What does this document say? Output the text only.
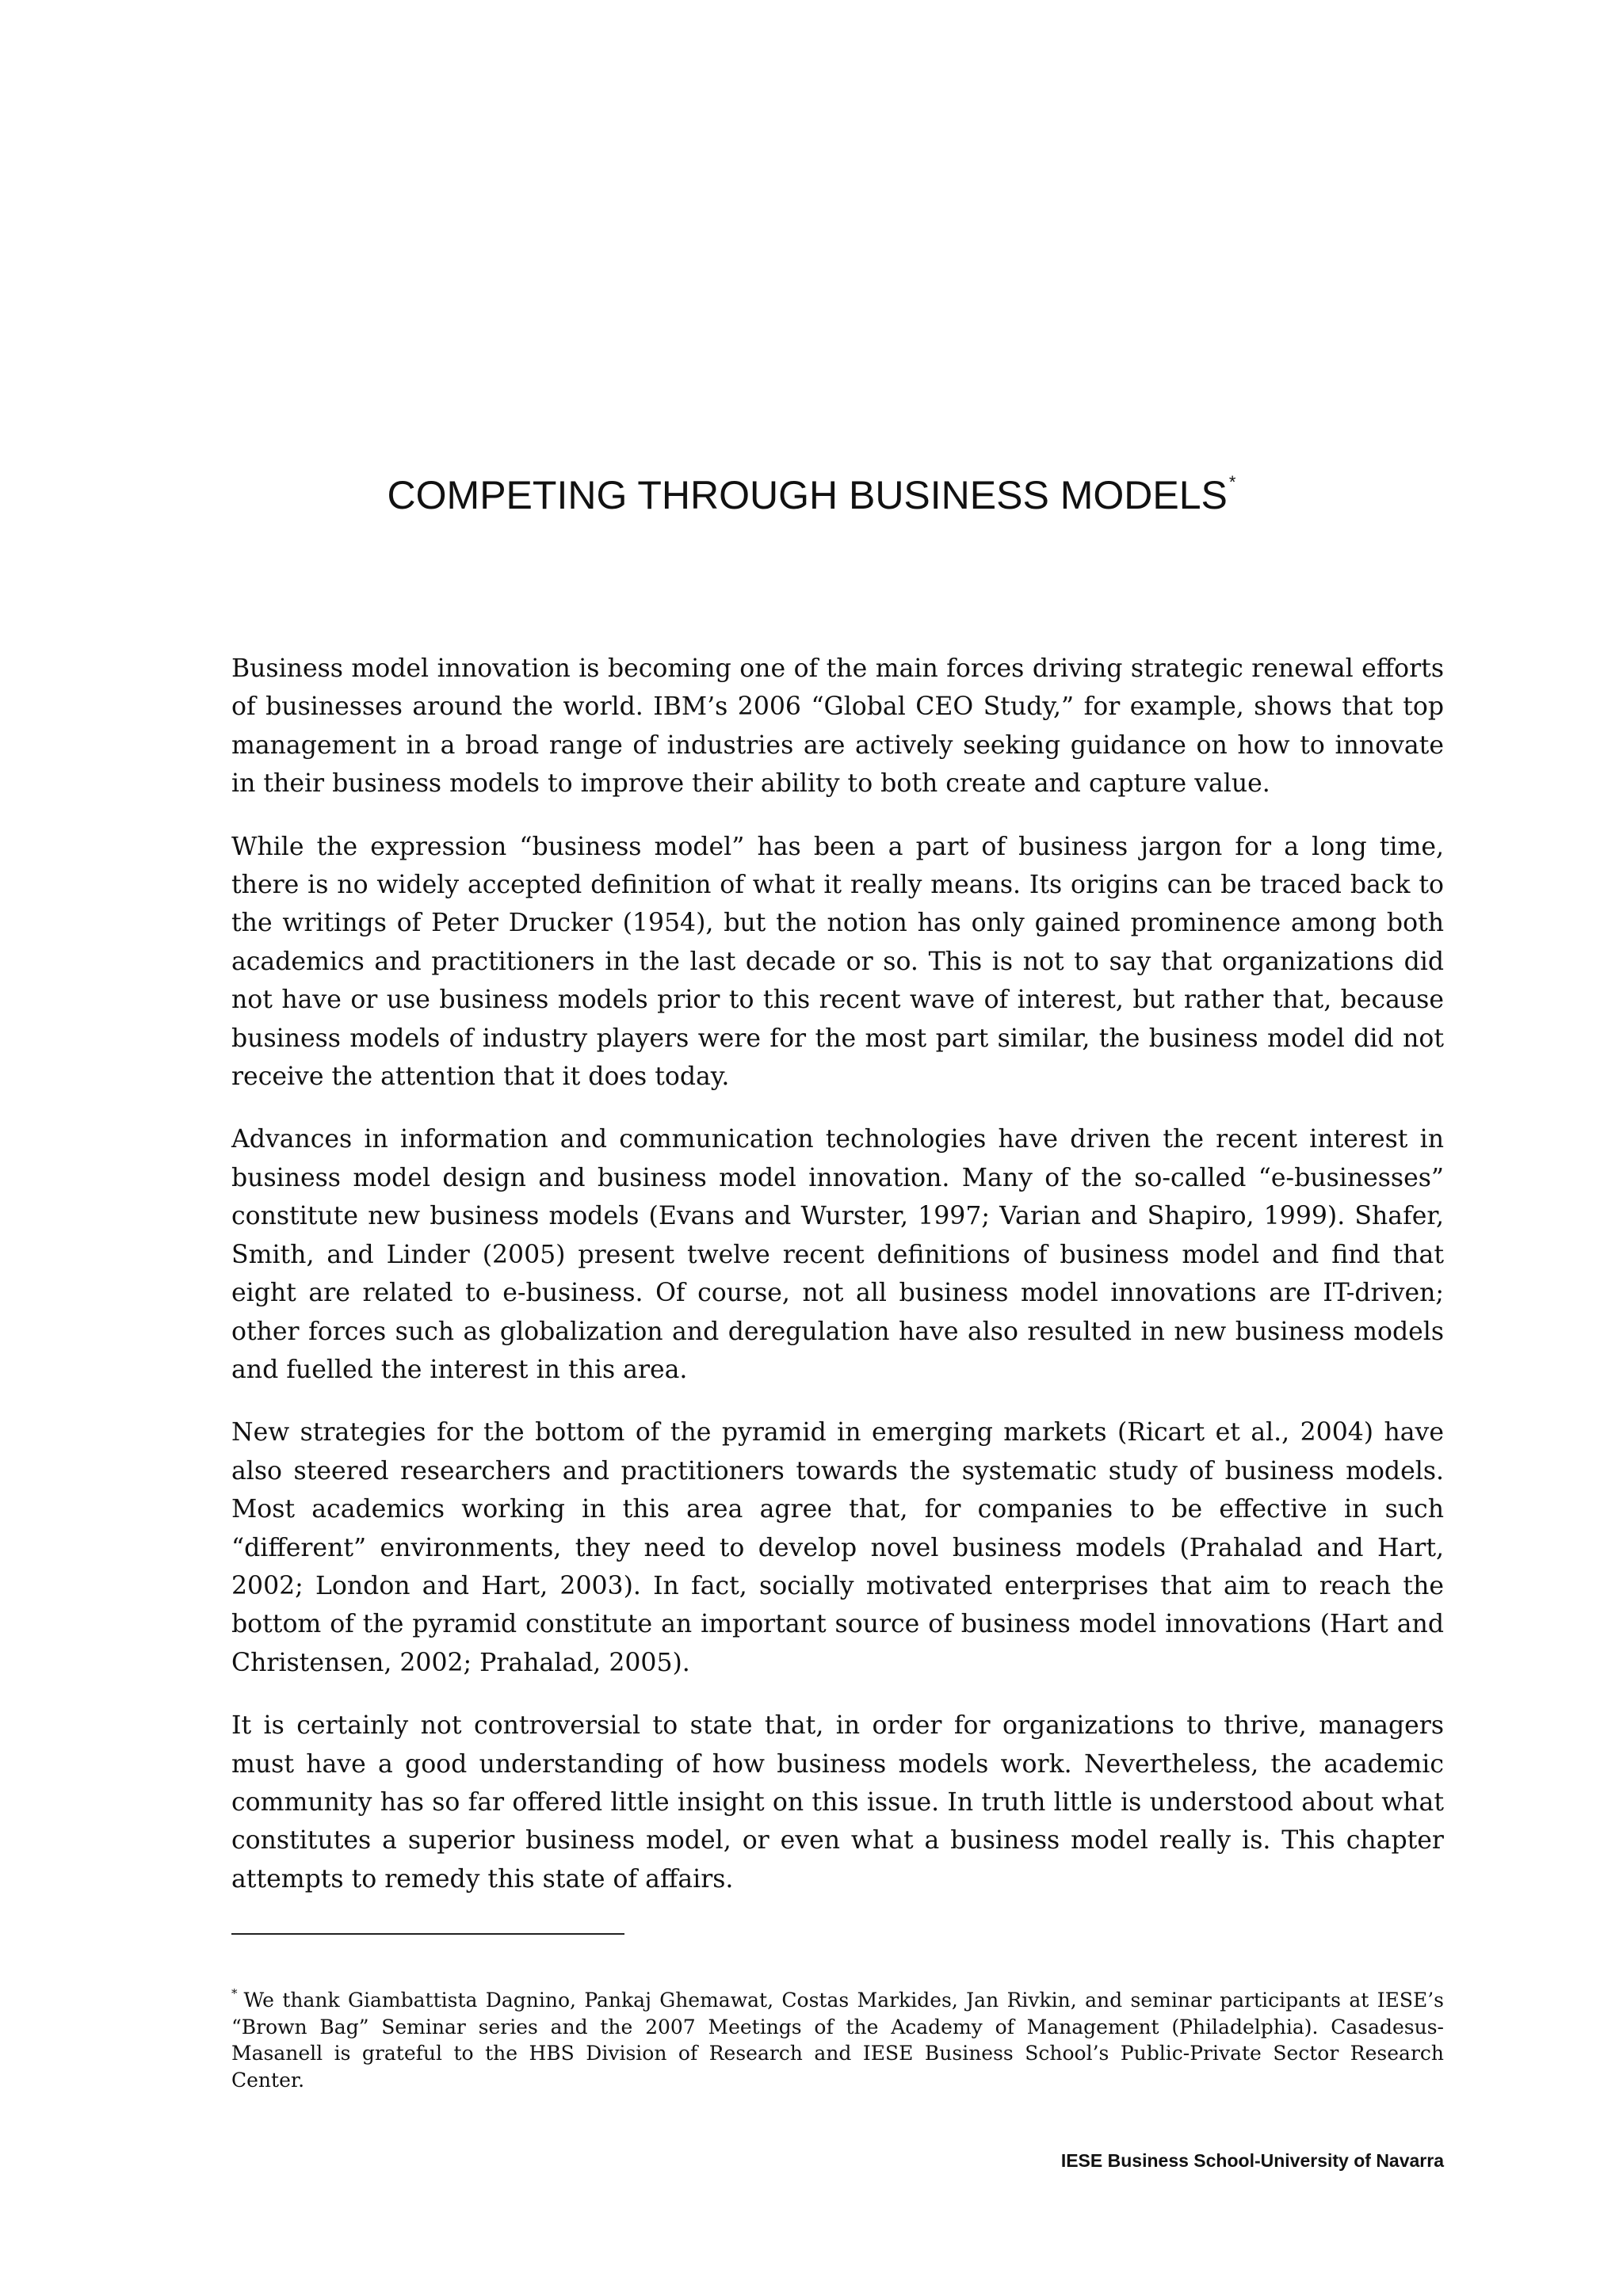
COMPETING THROUGH BUSINESS MODELS*

Business model innovation is becoming one of the main forces driving strategic renewal efforts of businesses around the world. IBM’s 2006 “Global CEO Study,” for example, shows that top management in a broad range of industries are actively seeking guidance on how to innovate in their business models to improve their ability to both create and capture value.

While the expression “business model” has been a part of business jargon for a long time, there is no widely accepted definition of what it really means. Its origins can be traced back to the writings of Peter Drucker (1954), but the notion has only gained prominence among both academics and practitioners in the last decade or so. This is not to say that organizations did not have or use business models prior to this recent wave of interest, but rather that, because business models of industry players were for the most part similar, the business model did not receive the attention that it does today.

Advances in information and communication technologies have driven the recent interest in business model design and business model innovation. Many of the so-called “e-businesses” constitute new business models (Evans and Wurster, 1997; Varian and Shapiro, 1999). Shafer, Smith, and Linder (2005) present twelve recent definitions of business model and find that eight are related to e-business. Of course, not all business model innovations are IT-driven; other forces such as globalization and deregulation have also resulted in new business models and fuelled the interest in this area.

New strategies for the bottom of the pyramid in emerging markets (Ricart et al., 2004) have also steered researchers and practitioners towards the systematic study of business models. Most academics working in this area agree that, for companies to be effective in such “different” environments, they need to develop novel business models (Prahalad and Hart, 2002; London and Hart, 2003). In fact, socially motivated enterprises that aim to reach the bottom of the pyramid constitute an important source of business model innovations (Hart and Christensen, 2002; Prahalad, 2005).

It is certainly not controversial to state that, in order for organizations to thrive, managers must have a good understanding of how business models work. Nevertheless, the academic community has so far offered little insight on this issue. In truth little is understood about what constitutes a superior business model, or even what a business model really is. This chapter attempts to remedy this state of affairs.

* We thank Giambattista Dagnino, Pankaj Ghemawat, Costas Markides, Jan Rivkin, and seminar participants at IESE’s “Brown Bag” Seminar series and the 2007 Meetings of the Academy of Management (Philadelphia). Casadesus-Masanell is grateful to the HBS Division of Research and IESE Business School’s Public-Private Sector Research Center.

IESE Business School-University of Navarra
